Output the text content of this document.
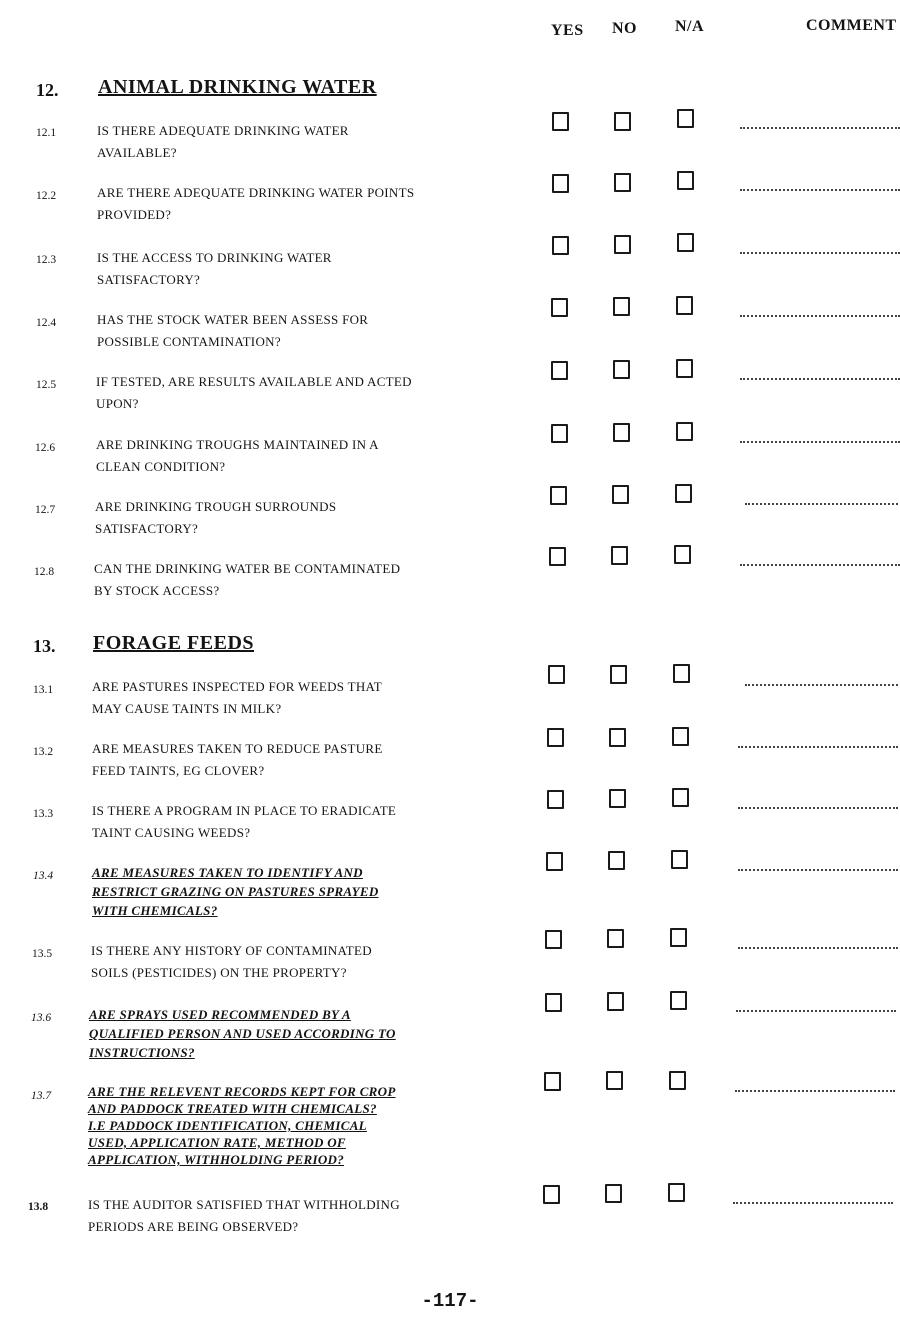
YES NO N/A	COMMENT
12. ANIMAL DRINKING WATER
12.1	IS THERE ADEQUATE DRINKING WATER
AVAILABLE?
12.2	ARE THERE ADEQUATE DRINKING WATER POINTS
PROVIDED?
12.3	IS THE ACCESS TO DRINKING WATER
SATISFACTORY?
12.4	HAS THE STOCK WATER BEEN ASSESS FOR
POSSIBLE CONTAMINATION?
12.5	IF TESTED, ARE RESULTS AVAILABLE AND ACTED
UPON?
12.6	ARE DRINKING TROUGHS MAINTAINED IN A
CLEAN CONDITION?
12.7	ARE DRINKING TROUGH SURROUNDS
SATISFACTORY?
12.8	CAN THE DRINKING WATER BE CONTAMINATED
BY STOCK ACCESS?
13. FORAGE FEEDS
13.1	ARE PASTURES INSPECTED FOR WEEDS THAT
MAY CAUSE TAINTS IN MILK?
13.2	ARE MEASURES TAKEN TO REDUCE PASTURE
FEED TAINTS, EG CLOVER?
13.3	IS THERE A PROGRAM IN PLACE TO ERADICATE
TAINT CAUSING WEEDS?
13.4	ARE MEASURES TAKEN TO IDENTIFY AND
RESTRICT GRAZING ON PASTURES SPRAYED
WITH CHEMICALS?
13.5	IS THERE ANY HISTORY OF CONTAMINATED
SOILS (PESTICIDES) ON THE PROPERTY?
13.6	ARE SPRAYS USED RECOMMENDED BY A
QUALIFIED PERSON AND USED ACCORDING TO
INSTRUCTIONS?
13.7	ARE THE RELEVENT RECORDS KEPT FOR CROP
AND PADDOCK TREATED WITH CHEMICALS?
I.E PADDOCK IDENTIFICATION, CHEMICAL
USED, APPLICATION RATE, METHOD OF
APPLICATION, WITHHOLDING PERIOD?
13.8	IS THE AUDITOR SATISFIED THAT WITHHOLDING
PERIODS ARE BEING OBSERVED?
-117-
